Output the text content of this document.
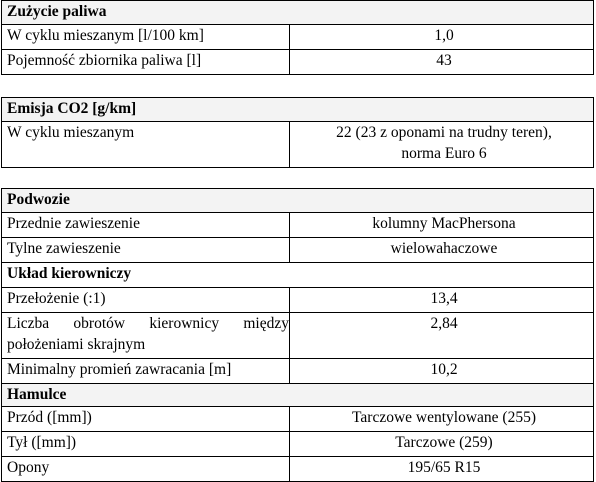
Zużycie paliwa	
W cyklu mieszanym [l/100 km]	1,0
Pojemność zbiornika paliwa [l]	43
Emisja CO2 [g/km]
W cyklu mieszanym	22 (23 z oponami na trudny teren),
norma Euro 6
Podwozie	
Przednie zawieszenie	kolumny MacPhersona
Tylne zawieszenie	wielowahaczowe
Układ kierowniczy	
Przełożenie (:1)	13,4
Liczba obrotów kierownicy między położeniami skrajnym	2,84
Minimalny promień zawracania [m]	10,2
Hamulce	
Przód ([mm])	Tarczowe wentylowane (255)
Tył ([mm])	Tarczowe (259)
Opony	195/65 R15
